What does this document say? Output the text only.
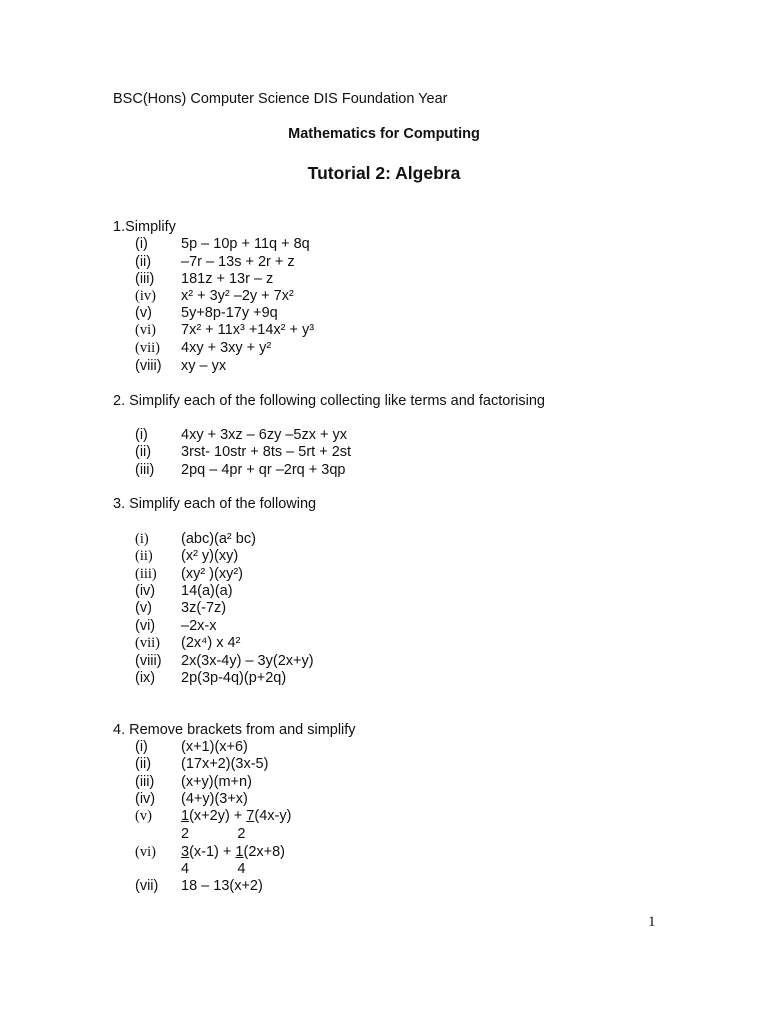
BSC(Hons) Computer Science DIS Foundation Year
Mathematics for Computing
Tutorial 2: Algebra
1.Simplify
(i) 5p – 10p + 11q + 8q
(ii) –7r – 13s + 2r + z
(iii) 181z + 13r – z
(iv) x² + 3y² –2y + 7x²
(v) 5y+8p-17y +9q
(vi) 7x² + 11x³ +14x² + y³
(vii) 4xy + 3xy + y²
(viii) xy – yx
2. Simplify each of the following collecting like terms and factorising
(i) 4xy + 3xz – 6zy –5zx + yx
(ii) 3rst- 10str + 8ts – 5rt + 2st
(iii) 2pq – 4pr + qr –2rq + 3qp
3. Simplify each of the following
(i) (abc)(a² bc)
(ii) (x² y)(xy)
(iii) (xy² )(xy²)
(iv) 14(a)(a)
(v) 3z(-7z)
(vi) –2x-x
(vii) (2x⁴) x 4²
(viii) 2x(3x-4y) – 3y(2x+y)
(ix) 2p(3p-4q)(p+2q)
4. Remove brackets from and simplify
(i) (x+1)(x+6)
(ii) (17x+2)(3x-5)
(iii) (x+y)(m+n)
(iv) (4+y)(3+x)
(v) 1(x+2y) + 7(4x-y)
2            2
(vi) 3(x-1) + 1(2x+8)
4            4
(vii) 18 – 13(x+2)
1
